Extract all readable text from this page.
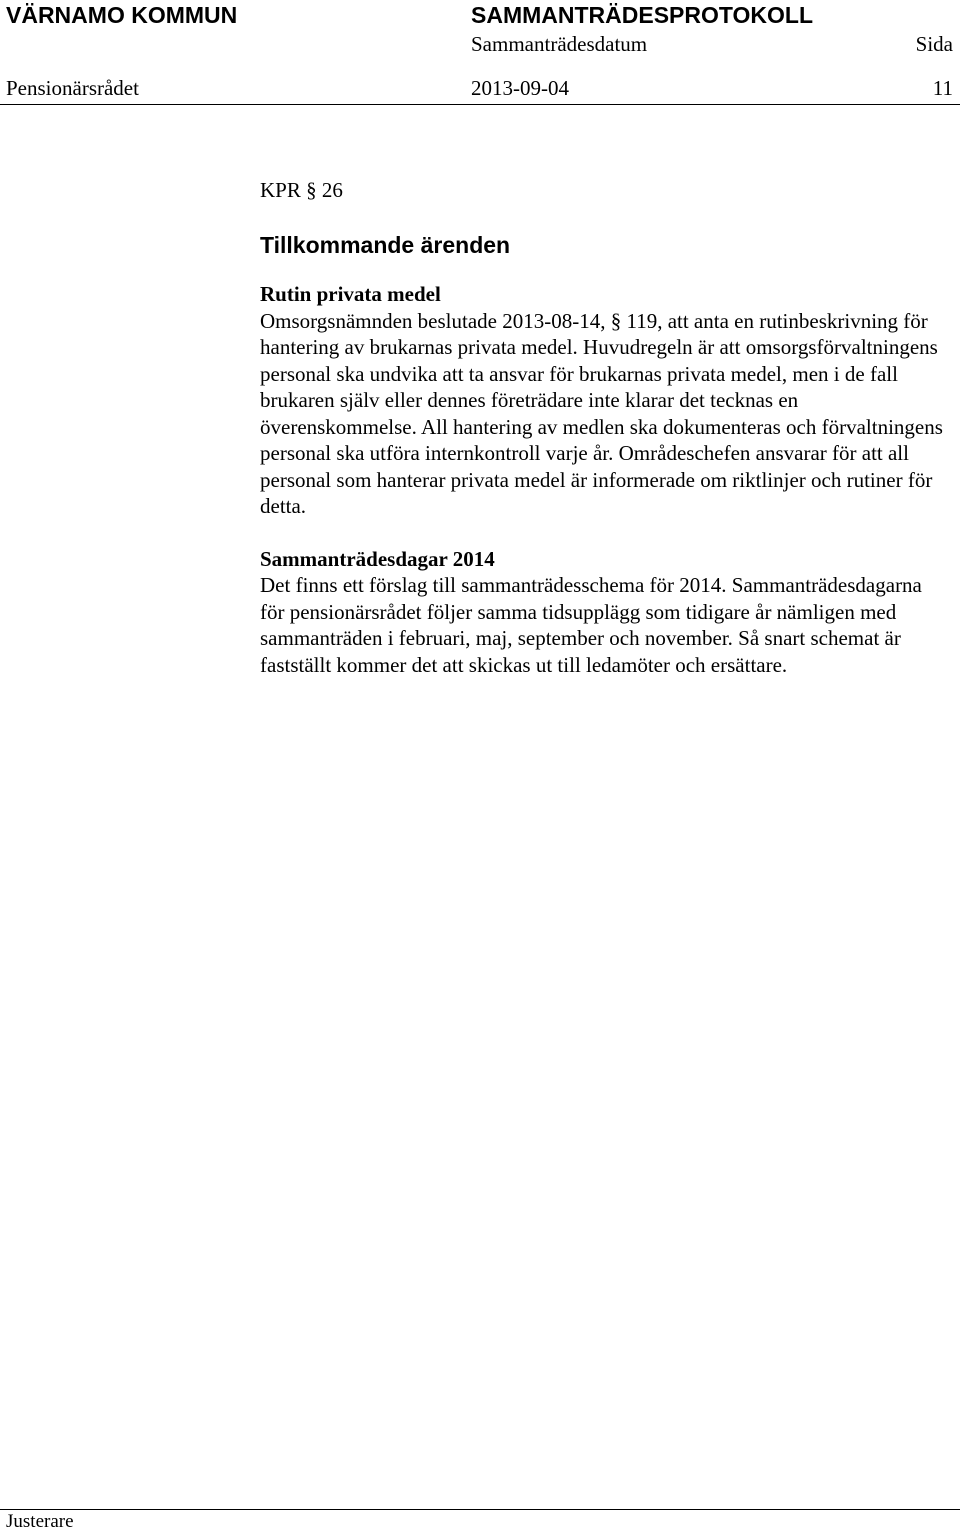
VÄRNAMO KOMMUN	SAMMANTRÄDESPROTOKOLL
Sammanträdesdatum	Sida
Pensionärsrådet	2013-09-04	11

KPR § 26

Tillkommande ärenden

Rutin privata medel

Omsorgsnämnden beslutade 2013-08-14, § 119, att anta en rutinbeskrivning för hantering av brukarnas privata medel. Huvudregeln är att omsorgsförvaltningens personal ska undvika att ta ansvar för brukarnas privata medel, men i de fall brukaren själv eller dennes företrädare inte klarar det tecknas en överenskommelse. All hantering av medlen ska dokumenteras och förvaltningens personal ska utföra internkontroll varje år. Områdeschefen ansvarar för att all personal som hanterar privata medel är informerade om riktlinjer och rutiner för detta.

Sammanträdesdagar 2014

Det finns ett förslag till sammanträdesschema för 2014. Sammanträdesdagarna för pensionärsrådet följer samma tidsupplägg som tidigare år nämligen med sammanträden i februari, maj, september och november. Så snart schemat är fastställt kommer det att skickas ut till ledamöter och ersättare.

Justerare
